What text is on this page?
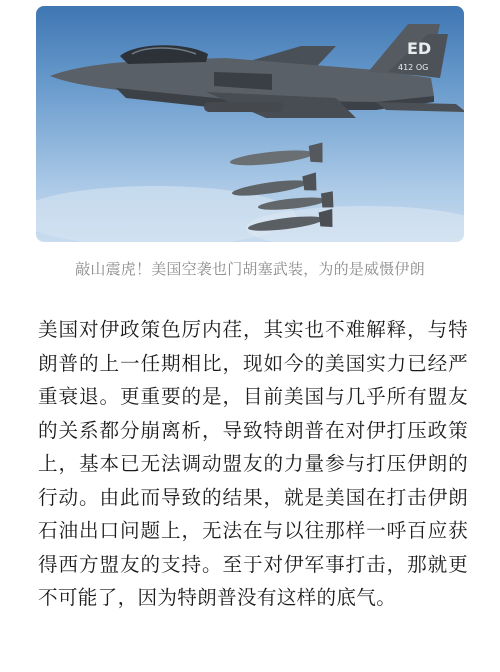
ED
412 OG
敲山震虎！美国空袭也门胡塞武装，为的是威慑伊朗

美国对伊政策色厉内荏，其实也不难解释，与特朗普的上一任期相比，现如今的美国实力已经严重衰退。更重要的是，目前美国与几乎所有盟友的关系都分崩离析，导致特朗普在对伊打压政策上，基本已无法调动盟友的力量参与打压伊朗的行动。由此而导致的结果，就是美国在打击伊朗石油出口问题上，无法在与以往那样一呼百应获得西方盟友的支持。至于对伊军事打击，那就更不可能了，因为特朗普没有这样的底气。
